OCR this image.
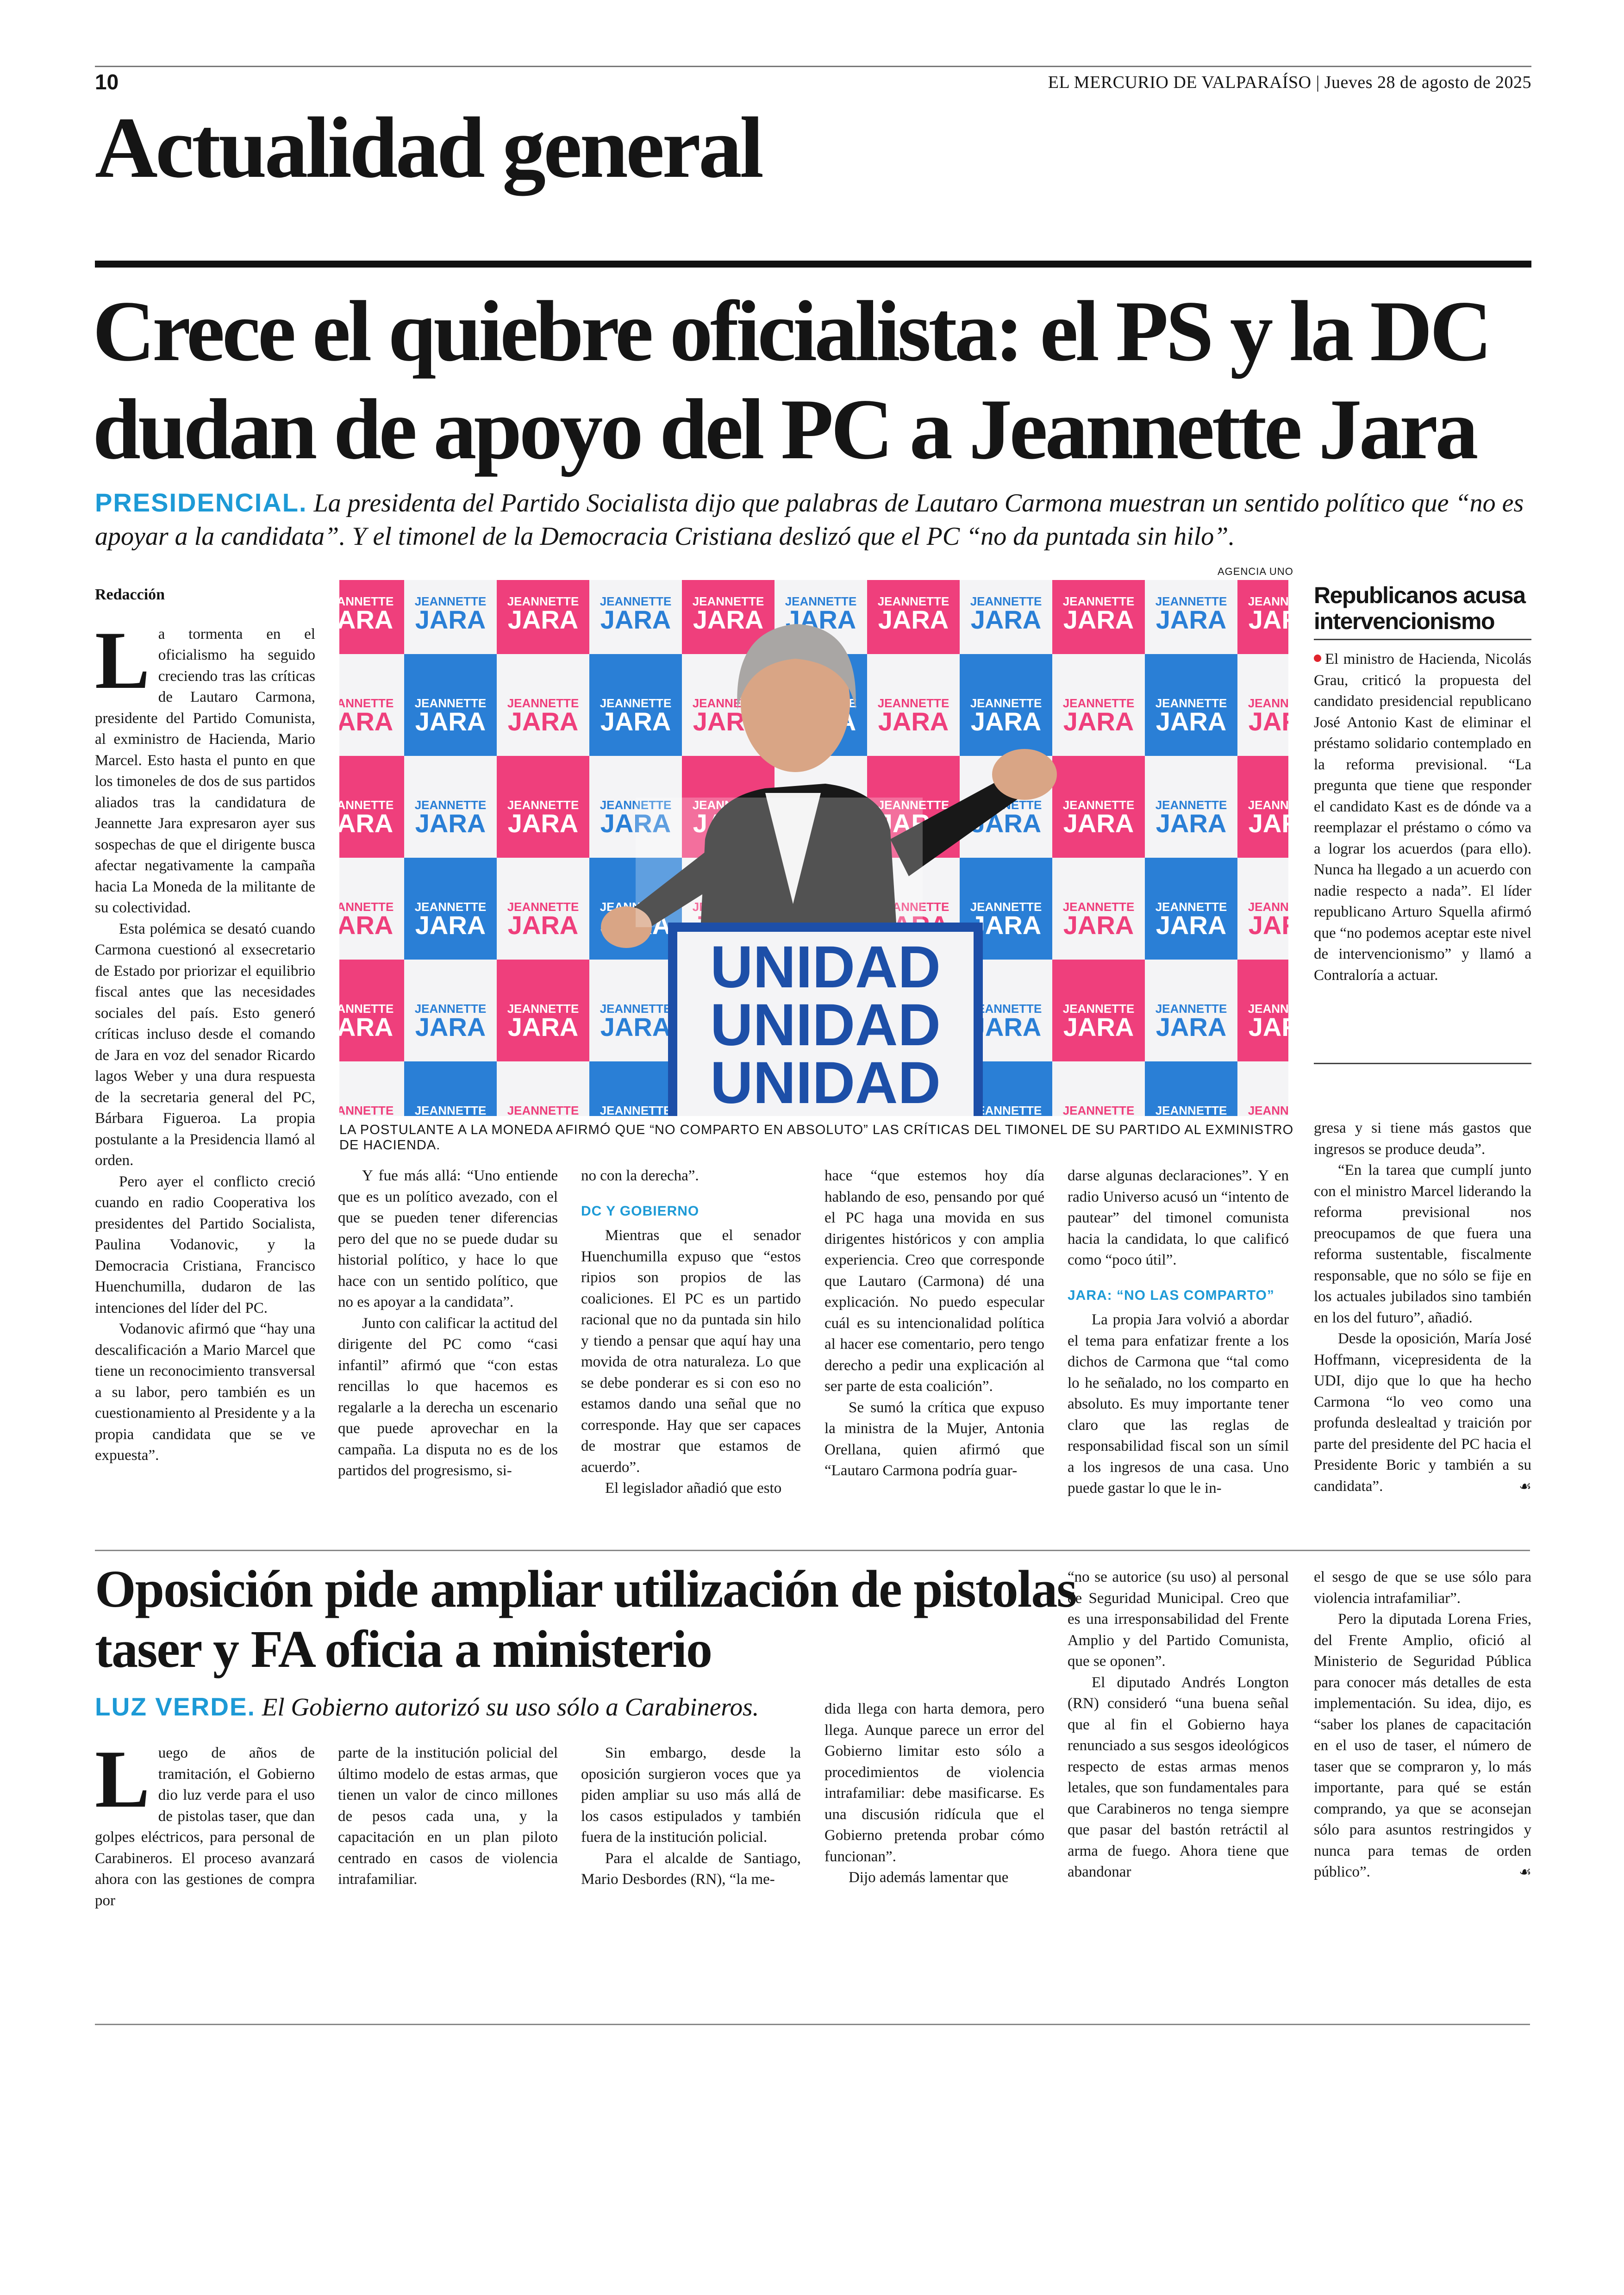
10	EL MERCURIO DE VALPARAÍSO | Jueves 28 de agosto de 2025
Actualidad general
Crece el quiebre oficialista: el PS y la DC dudan de apoyo del PC a Jeannette Jara
PRESIDENCIAL. La presidenta del Partido Socialista dijo que palabras de Lautaro Carmona muestran un sentido político que “no es apoyar a la candidata”. Y el timonel de la Democracia Cristiana deslizó que el PC “no da puntada sin hilo”.
Redacción

La tormenta en el oficialismo ha seguido creciendo tras las críticas de Lautaro Carmona, presidente del Partido Comunista, al exministro de Hacienda, Mario Marcel. Esto hasta el punto en que los timoneles de dos de sus partidos aliados tras la candidatura de Jeannette Jara expresaron ayer sus sospechas de que el dirigente busca afectar negativamente la campaña hacia La Moneda de la militante de su colectividad.

Esta polémica se desató cuando Carmona cuestionó al exsecretario de Estado por priorizar el equilibrio fiscal antes que las necesidades sociales del país. Esto generó críticas incluso desde el comando de Jara en voz del senador Ricardo lagos Weber y una dura respuesta de la secretaria general del PC, Bárbara Figueroa. La propia postulante a la Presidencia llamó al orden.

Pero ayer el conflicto creció cuando en radio Cooperativa los presidentes del Partido Socialista, Paulina Vodanovic, y la Democracia Cristiana, Francisco Huenchumilla, dudaron de las intenciones del líder del PC.

Vodanovic afirmó que “hay una descalificación a Mario Marcel que tiene un reconocimiento transversal a su labor, pero también es un cuestionamiento al Presidente y a la propia candidata que se ve expuesta”.

Y fue más allá: “Uno entiende que es un político avezado, con el que se pueden tener diferencias pero del que no se puede dudar su historial político, y hace lo que hace con un sentido político, que no es apoyar a la candidata”.

Junto con calificar la actitud del dirigente del PC como “casi infantil” afirmó que “con estas rencillas lo que hacemos es regalarle a la derecha un escenario que puede aprovechar en la campaña. La disputa no es de los partidos del progresismo, si-

no con la derecha”.

DC Y GOBIERNO

Mientras que el senador Huenchumilla expuso que “estos ripios son propios de las coaliciones. El PC es un partido racional que no da puntada sin hilo y tiendo a pensar que aquí hay una movida de otra naturaleza. Lo que se debe ponderar es si con eso no estamos dando una señal que no corresponde. Hay que ser capaces de mostrar que estamos de acuerdo”.

El legislador añadió que esto

hace “que estemos hoy día hablando de eso, pensando por qué el PC haga una movida en sus dirigentes históricos y con amplia experiencia. Creo que corresponde que Lautaro (Carmona) dé una explicación. No puedo especular cuál es su intencionalidad política al hacer ese comentario, pero tengo derecho a pedir una explicación al ser parte de esta coalición”.

Se sumó la crítica que expuso la ministra de la Mujer, Antonia Orellana, quien afirmó que “Lautaro Carmona podría guar-

darse algunas declaraciones”. Y en radio Universo acusó un “intento de pautear” del timonel comunista hacia la candidata, lo que calificó como “poco útil”.

JARA: “NO LAS COMPARTO”

La propia Jara volvió a abordar el tema para enfatizar frente a los dichos de Carmona que “tal como lo he señalado, no los comparto en absoluto. Es muy importante tener claro que las reglas de responsabilidad fiscal son un símil a los ingresos de una casa. Uno puede gastar lo que le in-

gresa y si tiene más gastos que ingresos se produce deuda”.

“En la tarea que cumplí junto con el ministro Marcel liderando la reforma previsional nos preocupamos de que fuera una reforma sustentable, fiscalmente responsable, que no sólo se fije en los actuales jubilados sino también en los del futuro”, añadió.

Desde la oposición, María José Hoffmann, vicepresidenta de la UDI, dijo que lo que ha hecho Carmona “lo veo como una profunda deslealtad y traición por parte del presidente del PC hacia el Presidente Boric y también a su candidata”.	☙

AGENCIA UNO
UNIDAD
UNIDAD
UNIDAD
LA POSTULANTE A LA MONEDA AFIRMÓ QUE “NO COMPARTO EN ABSOLUTO” LAS CRÍTICAS DEL TIMONEL DE SU PARTIDO AL EXMINISTRO DE HACIENDA.
Republicanos acusa intervencionismo

El ministro de Hacienda, Nicolás Grau, criticó la propuesta del candidato presidencial republicano José Antonio Kast de eliminar el préstamo solidario contemplado en la reforma previsional. “La pregunta que tiene que responder el candidato Kast es de dónde va a reemplazar el préstamo o cómo va a lograr los acuerdos (para ello). Nunca ha llegado a un acuerdo con nadie respecto a nada”. El líder republicano Arturo Squella afirmó que “no podemos aceptar este nivel de intervencionismo” y llamó a Contraloría a actuar.

Oposición pide ampliar utilización de pistolas taser y FA oficia a ministerio
LUZ VERDE. El Gobierno autorizó su uso sólo a Carabineros.

Luego de años de tramitación, el Gobierno dio luz verde para el uso de pistolas taser, que dan golpes eléctricos, para personal de Carabineros. El proceso avanzará ahora con las gestiones de compra por

parte de la institución policial del último modelo de estas armas, que tienen un valor de cinco millones de pesos cada una, y la capacitación en un plan piloto centrado en casos de violencia intrafamiliar.

Sin embargo, desde la oposición surgieron voces que ya piden ampliar su uso más allá de los casos estipulados y también fuera de la institución policial.

Para el alcalde de Santiago, Mario Desbordes (RN), “la me-

dida llega con harta demora, pero llega. Aunque parece un error del Gobierno limitar esto sólo a procedimientos de violencia intrafamiliar: debe masificarse. Es una discusión ridícula que el Gobierno pretenda probar cómo funcionan”.

Dijo además lamentar que

“no se autorice (su uso) al personal de Seguridad Municipal. Creo que es una irresponsabilidad del Frente Amplio y del Partido Comunista, que se oponen”.

El diputado Andrés Longton (RN) consideró “una buena señal que al fin el Gobierno haya renunciado a sus sesgos ideológicos respecto de estas armas menos letales, que son fundamentales para que Carabineros no tenga siempre que pasar del bastón retráctil al arma de fuego. Ahora tiene que abandonar

el sesgo de que se use sólo para violencia intrafamiliar”.

Pero la diputada Lorena Fries, del Frente Amplio, ofició al Ministerio de Seguridad Pública para conocer más detalles de esta implementación. Su idea, dijo, es “saber los planes de capacitación en el uso de taser, el número de taser que se compraron y, lo más importante, para qué se están comprando, ya que se aconsejan sólo para asuntos restringidos y nunca para temas de orden público”.	☙
